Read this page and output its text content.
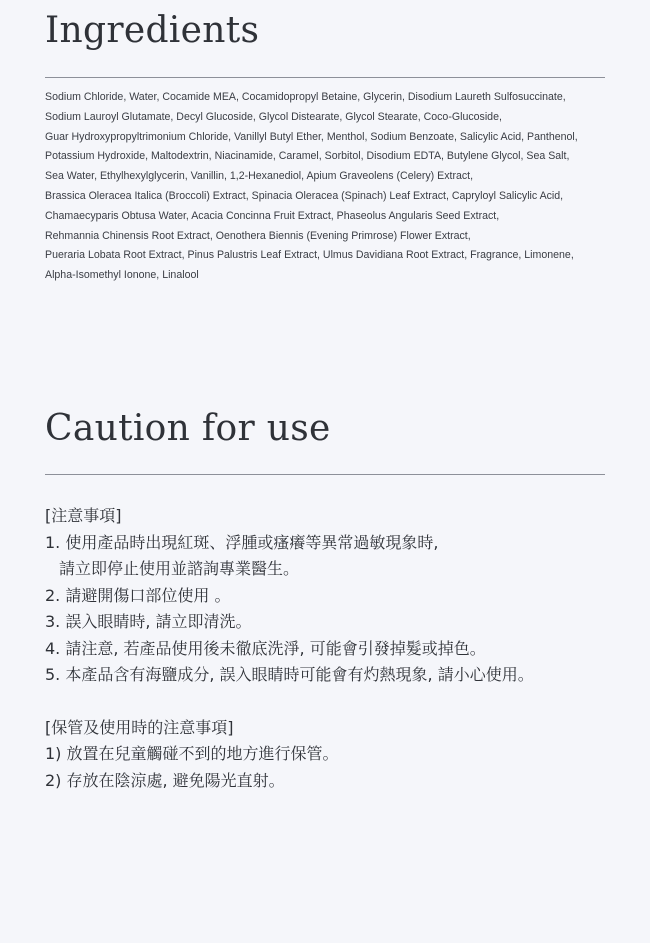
Ingredients
Sodium Chloride, Water, Cocamide MEA, Cocamidopropyl Betaine, Glycerin, Disodium Laureth Sulfosuccinate,
Sodium Lauroyl Glutamate, Decyl Glucoside, Glycol Distearate, Glycol Stearate, Coco-Glucoside,
Guar Hydroxypropyltrimonium Chloride, Vanillyl Butyl Ether, Menthol, Sodium Benzoate, Salicylic Acid, Panthenol,
Potassium Hydroxide, Maltodextrin, Niacinamide, Caramel, Sorbitol, Disodium EDTA, Butylene Glycol, Sea Salt,
Sea Water, Ethylhexylglycerin, Vanillin, 1,2-Hexanediol, Apium Graveolens (Celery) Extract,
Brassica Oleracea Italica (Broccoli) Extract, Spinacia Oleracea (Spinach) Leaf Extract, Capryloyl Salicylic Acid,
Chamaecyparis Obtusa Water, Acacia Concinna Fruit Extract, Phaseolus Angularis Seed Extract,
Rehmannia Chinensis Root Extract, Oenothera Biennis (Evening Primrose) Flower Extract,
Pueraria Lobata Root Extract, Pinus Palustris Leaf Extract, Ulmus Davidiana Root Extract, Fragrance, Limonene,
Alpha-Isomethyl Ionone, Linalool
Caution for use
[注意事項]
1. 使用產品時出現紅斑、浮腫或瘙癢等異常過敏現象時,
請立即停止使用並諮詢專業醫生。
2. 請避開傷口部位使用 。
3. 誤入眼睛時, 請立即清洗。
4. 請注意, 若產品使用後未徹底洗淨, 可能會引發掉髮或掉色。
5. 本產品含有海鹽成分, 誤入眼睛時可能會有灼熱現象, 請小心使用。
[保管及使用時的注意事項]
1) 放置在兒童觸碰不到的地方進行保管。
2) 存放在陰涼處, 避免陽光直射。
